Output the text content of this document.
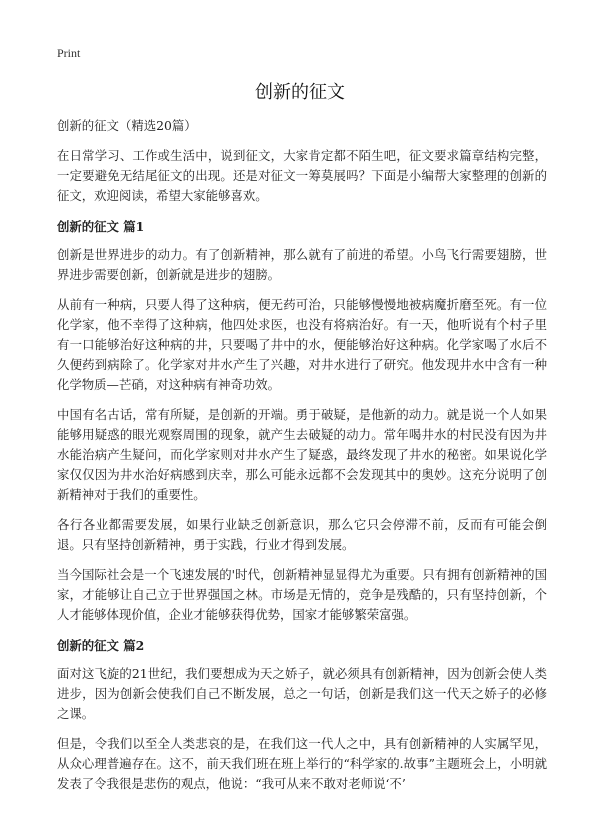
Print
创新的征文

创新的征文（精选20篇）

在日常学习、工作或生活中，说到征文，大家肯定都不陌生吧，征文要求篇章结构完整，一定要避免无结尾征文的出现。还是对征文一筹莫展吗？下面是小编帮大家整理的创新的征文，欢迎阅读，希望大家能够喜欢。

创新的征文 篇1

创新是世界进步的动力。有了创新精神，那么就有了前进的希望。小鸟飞行需要翅膀，世界进步需要创新，创新就是进步的翅膀。

从前有一种病，只要人得了这种病，便无药可治，只能够慢慢地被病魔折磨至死。有一位化学家，他不幸得了这种病，他四处求医，也没有将病治好。有一天，他听说有个村子里有一口能够治好这种病的井，只要喝了井中的水，便能够治好这种病。化学家喝了水后不久便药到病除了。化学家对井水产生了兴趣，对井水进行了研究。他发现井水中含有一种化学物质—芒硝，对这种病有神奇功效。

中国有名古话，常有所疑，是创新的开端。勇于破疑，是他新的动力。就是说一个人如果能够用疑惑的眼光观察周围的现象，就产生去破疑的动力。常年喝井水的村民没有因为井水能治病产生疑问，而化学家则对井水产生了疑惑，最终发现了井水的秘密。如果说化学家仅仅因为井水治好病感到庆幸，那么可能永远都不会发现其中的奥妙。这充分说明了创新精神对于我们的重要性。

各行各业都需要发展，如果行业缺乏创新意识，那么它只会停滞不前，反而有可能会倒退。只有坚持创新精神，勇于实践，行业才得到发展。

当今国际社会是一个飞速发展的'时代，创新精神显显得尤为重要。只有拥有创新精神的国家，才能够让自己立于世界强国之林。市场是无情的，竞争是残酷的，只有坚持创新，个人才能够体现价值，企业才能够获得优势，国家才能够繁荣富强。

创新的征文 篇2

面对这飞旋的21世纪，我们要想成为天之娇子，就必须具有创新精神，因为创新会使人类进步，因为创新会使我们自己不断发展，总之一句话，创新是我们这一代天之娇子的必修之课。

但是，令我们以至全人类悲哀的是，在我们这一代人之中，具有创新精神的人实属罕见，从众心理普遍存在。这不，前天我们班在班上举行的“科学家的.故事”主题班会上，小明就发表了令我很是悲伤的观点，他说：“我可从来不敢对老师说‘不’
